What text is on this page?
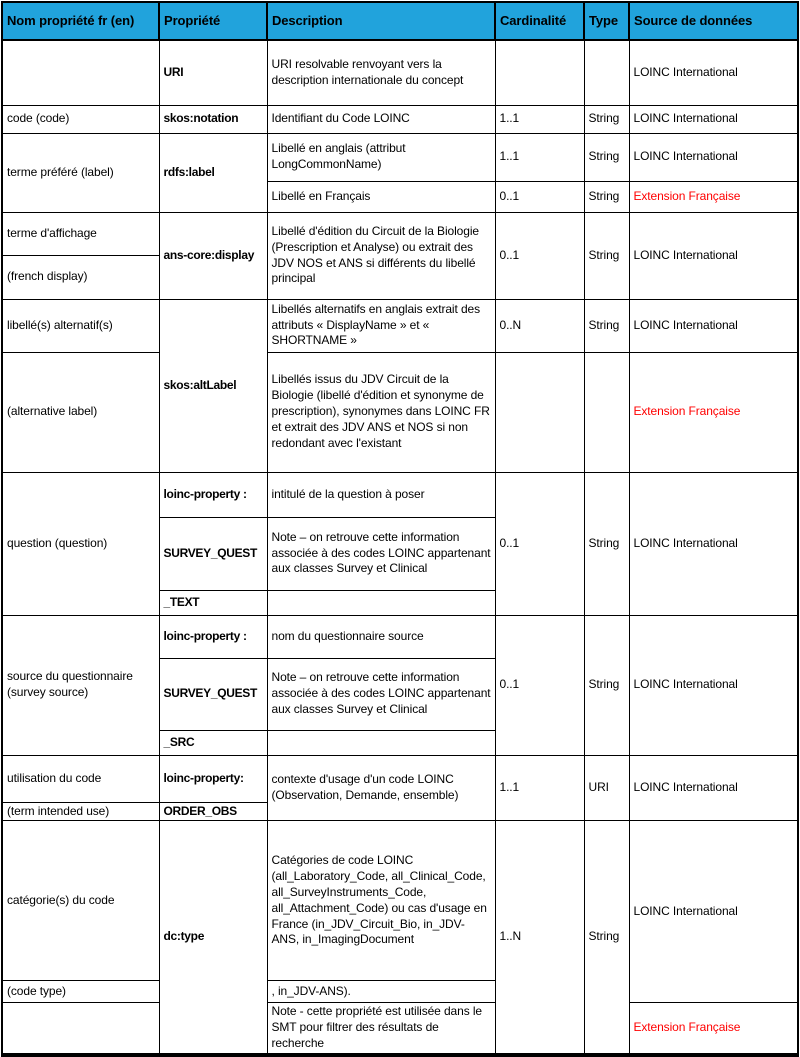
Nom propriété fr (en)	Propriété	Description	Cardinalité	Type	Source de données
	URI	URI resolvable renvoyant vers la description internationale du concept			LOINC International
code (code)	skos:notation	Identifiant du Code LOINC	1..1	String	LOINC International
terme préféré (label)	rdfs:label	Libellé en anglais (attribut LongCommonName)	1..1	String	LOINC International
		Libellé en Français	0..1	String	Extension Française
terme d'affichage	ans-core:display	Libellé d'édition du Circuit de la Biologie (Prescription et Analyse) ou extrait des JDV NOS et ANS si différents du libellé principal	0..1	String	LOINC International
(french display)					
libellé(s) alternatif(s)	skos:altLabel	Libellés alternatifs en anglais extrait des attributs « DisplayName » et « SHORTNAME »	0..N	String	LOINC International
(alternative label)		Libellés issus du JDV Circuit de la Biologie (libellé d'édition et synonyme de prescription), synonymes dans LOINC FR et extrait des JDV ANS et NOS si non redondant avec l'existant			Extension Française
question (question)	loinc-property :	intitulé de la question à poser	0..1	String	LOINC International
	SURVEY_QUEST	Note – on retrouve cette information associée à des codes LOINC appartenant aux classes Survey et Clinical			
	_TEXT				
source du questionnaire (survey source)	loinc-property :	nom du questionnaire source	0..1	String	LOINC International
	SURVEY_QUEST	Note – on retrouve cette information associée à des codes LOINC appartenant aux classes Survey et Clinical			
	_SRC				
utilisation du code	loinc-property:	contexte d'usage d'un code LOINC (Observation, Demande, ensemble)	1..1	URI	LOINC International
(term intended use)	ORDER_OBS				
catégorie(s) du code	dc:type	Catégories de code LOINC (all_Laboratory_Code, all_Clinical_Code, all_SurveyInstruments_Code, all_Attachment_Code) ou cas d'usage en France (in_JDV_Circuit_Bio, in_JDV-ANS, in_ImagingDocument	1..N	String	LOINC International
(code type)		, in_JDV-ANS).			
		Note - cette propriété est utilisée dans le SMT pour filtrer des résultats de recherche			Extension Française
